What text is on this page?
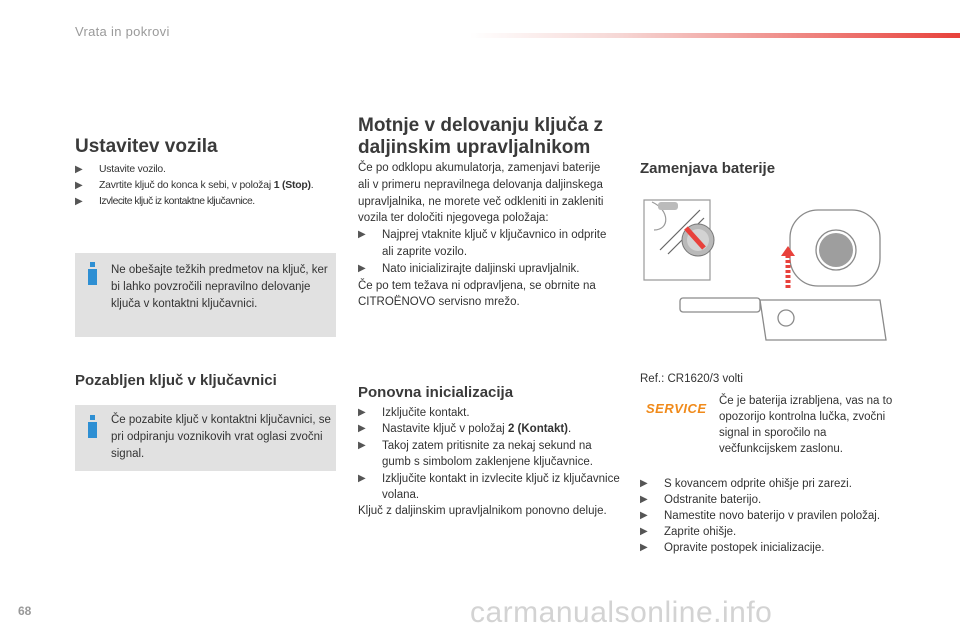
Vrata in pokrovi
Ustavitev vozila
▶ Ustavite vozilo.
▶ Zavrtite ključ do konca k sebi, v položaj 1 (Stop).
▶ Izvlecite ključ iz kontaktne ključavnice.
Ne obešajte težkih predmetov na ključ, ker bi lahko povzročili nepravilno delovanje ključa v kontaktni ključavnici.
Pozabljen ključ v ključavnici
Če pozabite ključ v kontaktni ključavnici, se pri odpiranju voznikovih vrat oglasi zvočni signal.
Motnje v delovanju ključa z daljinskim upravljalnikom
Če po odklopu akumulatorja, zamenjavi baterije ali v primeru nepravilnega delovanja daljinskega upravljalnika, ne morete več odkleniti in zakleniti vozila ter določiti njegovega položaja:
▶ Najprej vtaknite ključ v ključavnico in odprite ali zaprite vozilo.
▶ Nato inicializirajte daljinski upravljalnik.
Če po tem težava ni odpravljena, se obrnite na CITROËNOVO servisno mrežo.
Ponovna inicializacija
▶ Izključite kontakt.
▶ Nastavite ključ v položaj 2 (Kontakt).
▶ Takoj zatem pritisnite za nekaj sekund na gumb s simbolom zaklenjene ključavnice.
▶ Izključite kontakt in izvlecite ključ iz ključavnice volana.
Ključ z daljinskim upravljalnikom ponovno deluje.
Zamenjava baterije
Ref.: CR1620/3 volti
SERVICE	Če je baterija izrabljena, vas na to opozorijo kontrolna lučka, zvočni signal in sporočilo na večfunkcijskem zaslonu.
▶ S kovancem odprite ohišje pri zarezi.
▶ Odstranite baterijo.
▶ Namestite novo baterijo v pravilen položaj.
▶ Zaprite ohišje.
▶ Opravite postopek inicializacije.
68	carmanualsonline.info
